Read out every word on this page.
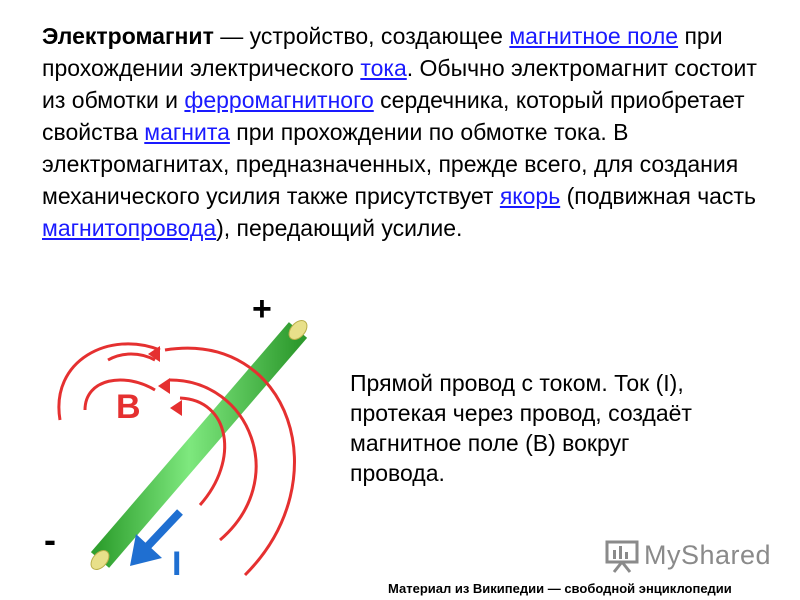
Электромагнит — устройство, создающее магнитное поле при прохождении электрического тока. Обычно электромагнит состоит из обмотки и ферромагнитного сердечника, который приобретает свойства магнита при прохождении по обмотке тока. В электромагнитах, предназначенных, прежде всего, для создания механического усилия также присутствует якорь (подвижная часть магнитопровода), передающий усилие.
+
-
B
I
Прямой провод с током. Ток (I), протекая через провод, создаёт магнитное поле (B) вокруг провода.
MyShared
Материал из Википедии — свободной энциклопедии
